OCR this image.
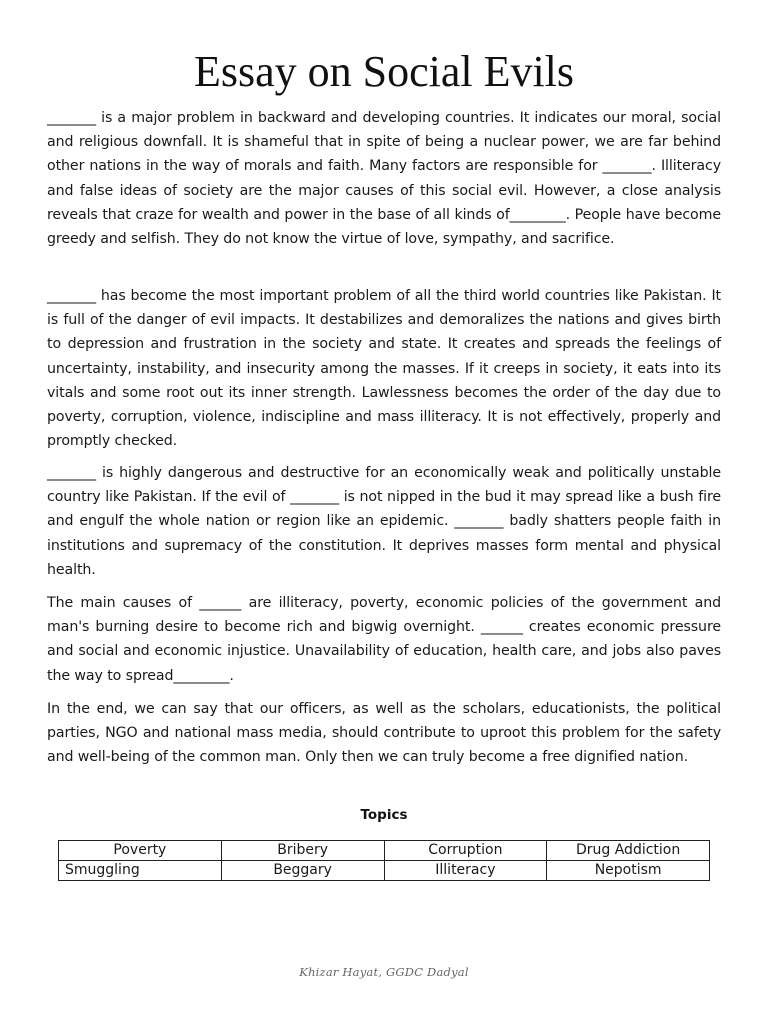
Essay on Social Evils

_______ is a major problem in backward and developing countries. It indicates our moral, social and religious downfall. It is shameful that in spite of being a nuclear power, we are far behind other nations in the way of morals and faith. Many factors are responsible for _______. Illiteracy and false ideas of society are the major causes of this social evil. However, a close analysis reveals that craze for wealth and power in the base of all kinds of________. People have become greedy and selfish. They do not know the virtue of love, sympathy, and sacrifice.

_______ has become the most important problem of all the third world countries like Pakistan. It is full of the danger of evil impacts. It destabilizes and demoralizes the nations and gives birth to depression and frustration in the society and state. It creates and spreads the feelings of uncertainty, instability, and insecurity among the masses. If it creeps in society, it eats into its vitals and some root out its inner strength. Lawlessness becomes the order of the day due to poverty, corruption, violence, indiscipline and mass illiteracy. It is not effectively, properly and promptly checked.

_______ is highly dangerous and destructive for an economically weak and politically unstable country like Pakistan. If the evil of _______ is not nipped in the bud it may spread like a bush fire and engulf the whole nation or region like an epidemic. _______ badly shatters people faith in institutions and supremacy of the constitution. It deprives masses form mental and physical health.

The main causes of ______ are illiteracy, poverty, economic policies of the government and man's burning desire to become rich and bigwig overnight. ______ creates economic pressure and social and economic injustice. Unavailability of education, health care, and jobs also paves the way to spread________.

In the end, we can say that our officers, as well as the scholars, educationists, the political parties, NGO and national mass media, should contribute to uproot this problem for the safety and well-being of the common man. Only then we can truly become a free dignified nation.

Topics
Poverty	Bribery	Corruption	Drug Addiction
Smuggling	Beggary	Illiteracy	Nepotism
Khizar Hayat, GGDC Dadyal
